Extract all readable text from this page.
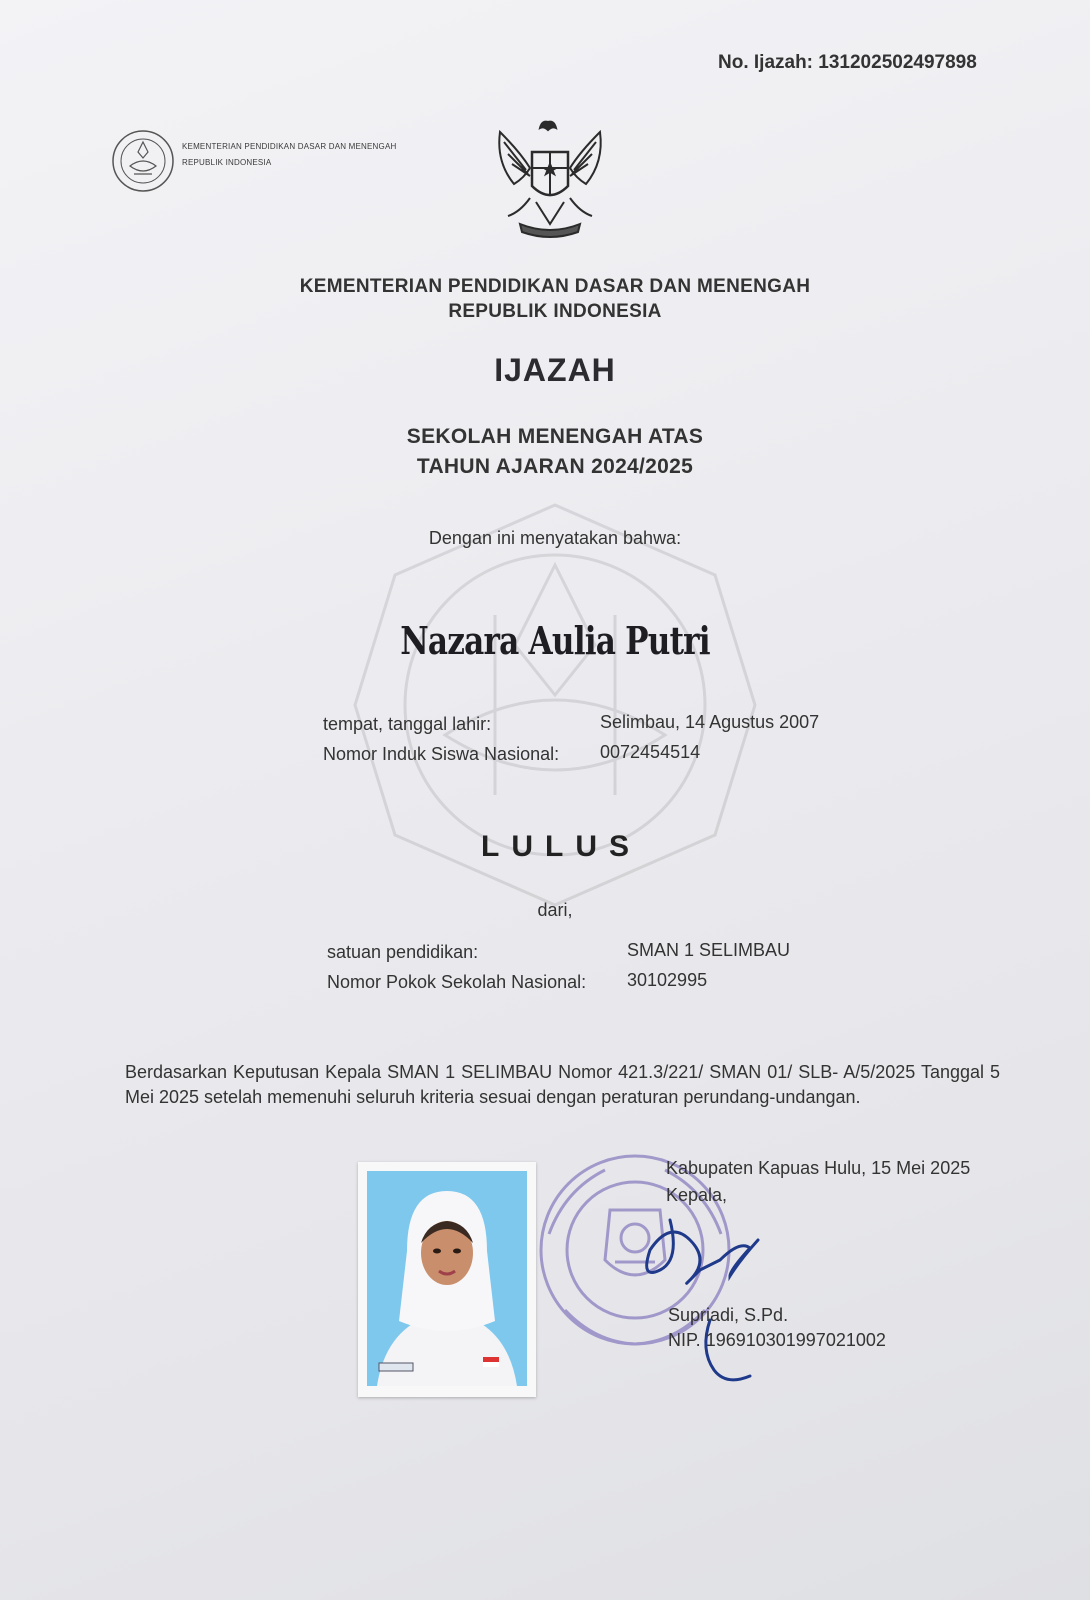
No. Ijazah: 131202502497898
KEMENTERIAN PENDIDIKAN DASAR DAN MENENGAH
REPUBLIK INDONESIA
KEMENTERIAN PENDIDIKAN DASAR DAN MENENGAH
REPUBLIK INDONESIA
IJAZAH
SEKOLAH MENENGAH ATAS
TAHUN AJARAN 2024/2025
Dengan ini menyatakan bahwa:
Nazara Aulia Putri
tempat, tanggal lahir:	Selimbau, 14 Agustus 2007
Nomor Induk Siswa Nasional: 0072454514
LULUS
dari,
satuan pendidikan:	SMAN 1 SELIMBAU
Nomor Pokok Sekolah Nasional: 30102995
Berdasarkan Keputusan Kepala SMAN 1 SELIMBAU Nomor 421.3/221/ SMAN 01/ SLB- A/5/2025 Tanggal 5 Mei 2025 setelah memenuhi seluruh kriteria sesuai dengan peraturan perundang-undangan.
Kabupaten Kapuas Hulu, 15 Mei 2025
Kepala,
Supriadi, S.Pd.
NIP. 196910301997021002
